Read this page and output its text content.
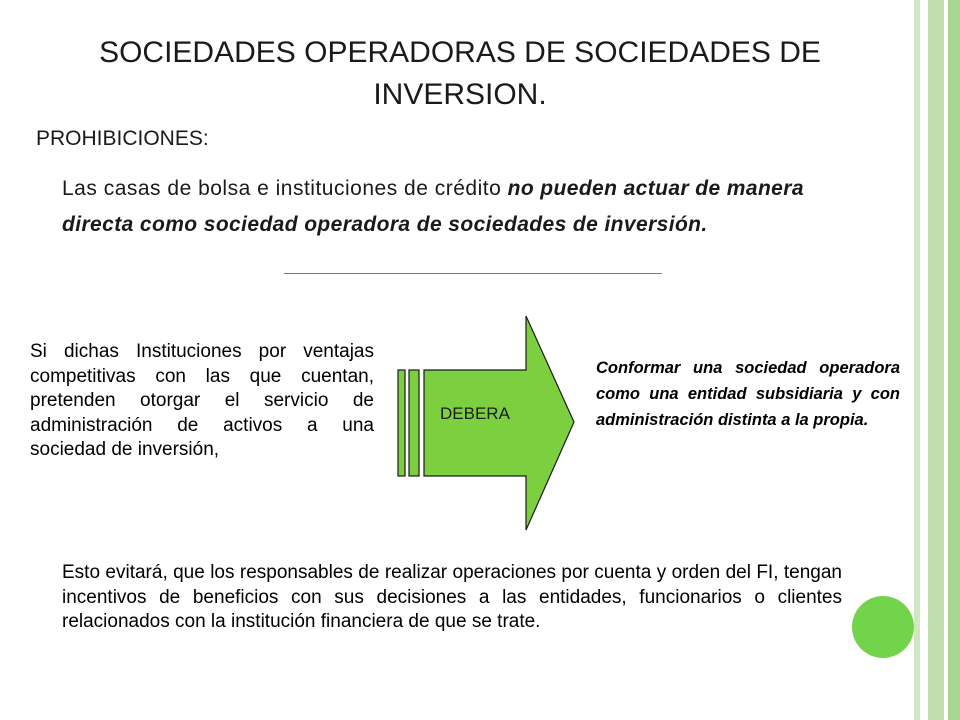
SOCIEDADES OPERADORAS DE SOCIEDADES DE INVERSION.
PROHIBICIONES:
Las casas de bolsa e instituciones de crédito no pueden actuar de manera directa como sociedad operadora de sociedades de inversión.
Si dichas Instituciones por ventajas competitivas con las que cuentan, pretenden otorgar el servicio de administración de activos a una sociedad de inversión,
DEBERA
Conformar una sociedad operadora como una entidad subsidiaria y con administración distinta a la propia.
Esto evitará, que los responsables de realizar operaciones por cuenta y orden del FI, tengan incentivos de beneficios con sus decisiones a las entidades, funcionarios o clientes relacionados con la institución financiera de que se trate.
